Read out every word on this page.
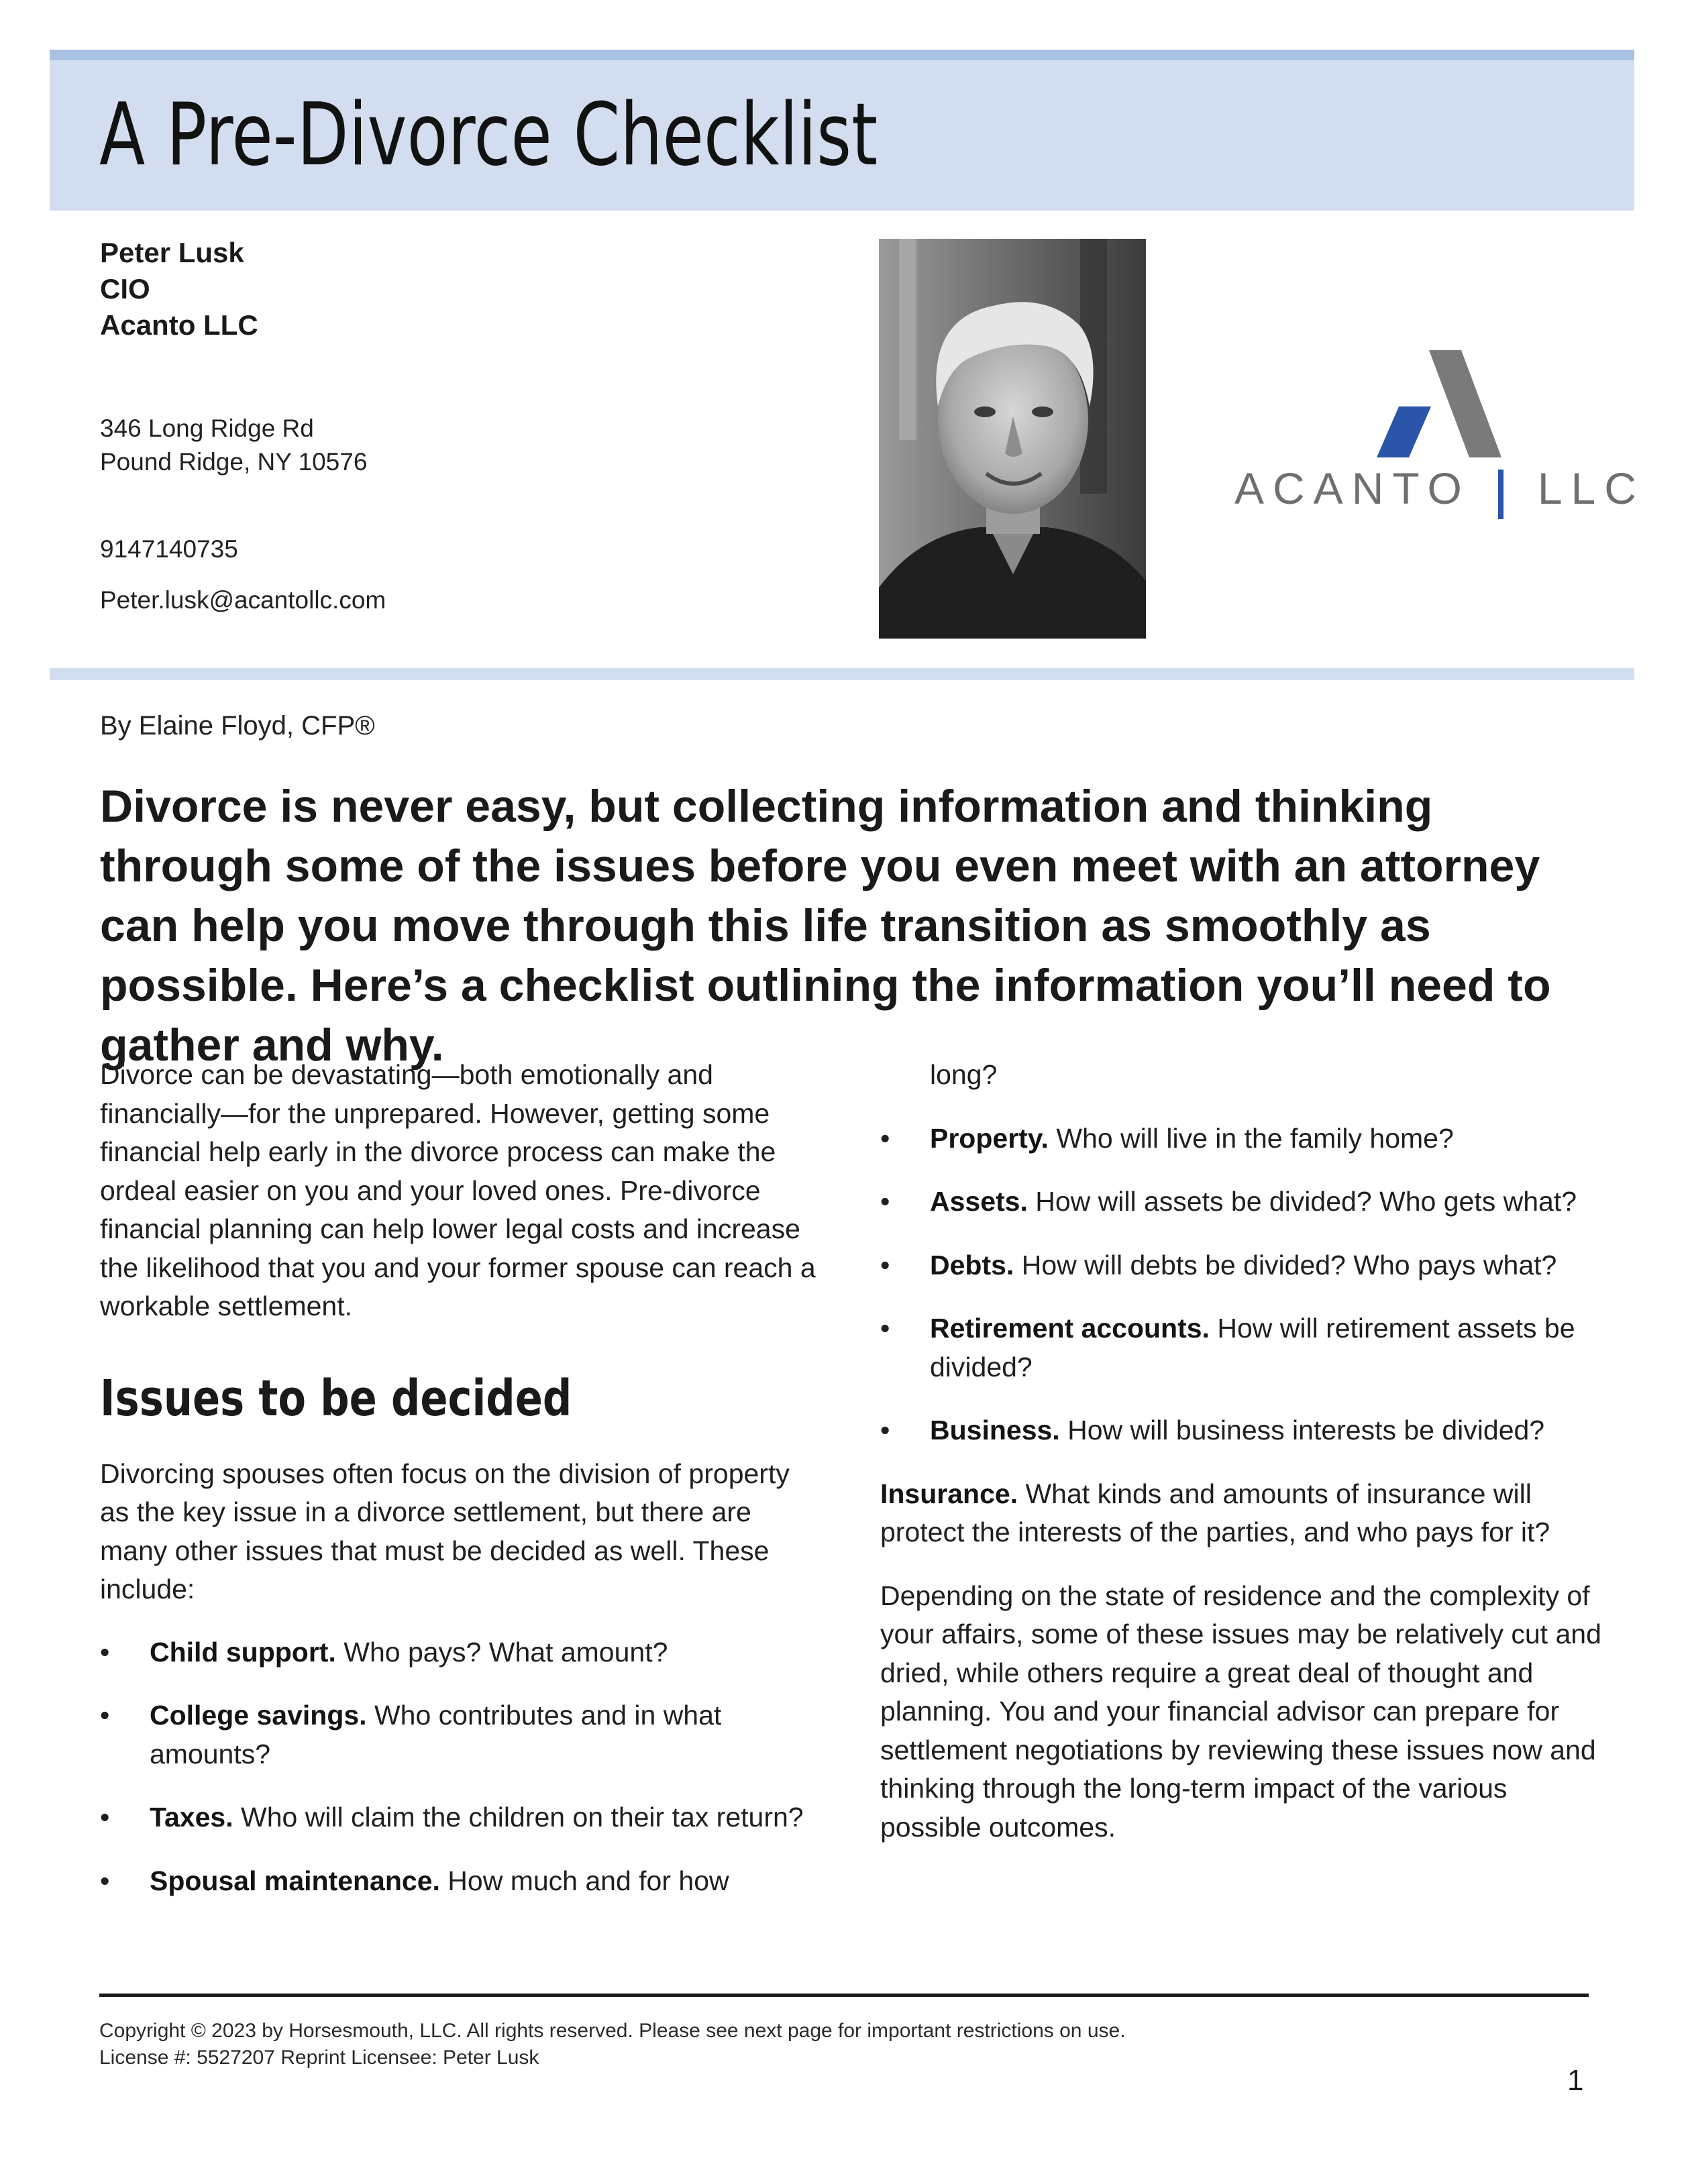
A Pre-Divorce Checklist
Peter Lusk
CIO
Acanto LLC
346 Long Ridge Rd
Pound Ridge, NY 10576
9147140735
Peter.lusk@acantollc.com
ACANTO LLC
By Elaine Floyd, CFP®
Divorce is never easy, but collecting information and thinking through some of the issues before you even meet with an attorney can help you move through this life transition as smoothly as possible. Here’s a checklist outlining the information you’ll need to gather and why.

Divorce can be devastating—both emotionally and financially—for the unprepared. However, getting some financial help early in the divorce process can make the ordeal easier on you and your loved ones. Pre-divorce financial planning can help lower legal costs and increase the likelihood that you and your former spouse can reach a workable settlement.

Issues to be decided

Divorcing spouses often focus on the division of property as the key issue in a divorce settlement, but there are many other issues that must be decided as well. These include:

• Child support. Who pays? What amount?
• College savings. Who contributes and in what amounts?
• Taxes. Who will claim the children on their tax return?
• Spousal maintenance. How much and for how

long?

• Property. Who will live in the family home?
• Assets. How will assets be divided? Who gets what?
• Debts. How will debts be divided? Who pays what?
• Retirement accounts. How will retirement assets be divided?
• Business. How will business interests be divided?

Insurance. What kinds and amounts of insurance will protect the interests of the parties, and who pays for it?

Depending on the state of residence and the complexity of your affairs, some of these issues may be relatively cut and dried, while others require a great deal of thought and planning. You and your financial advisor can prepare for settlement negotiations by reviewing these issues now and thinking through the long-term impact of the various possible outcomes.

Copyright © 2023 by Horsesmouth, LLC. All rights reserved. Please see next page for important restrictions on use.
License #: 5527207 Reprint Licensee: Peter Lusk
1
